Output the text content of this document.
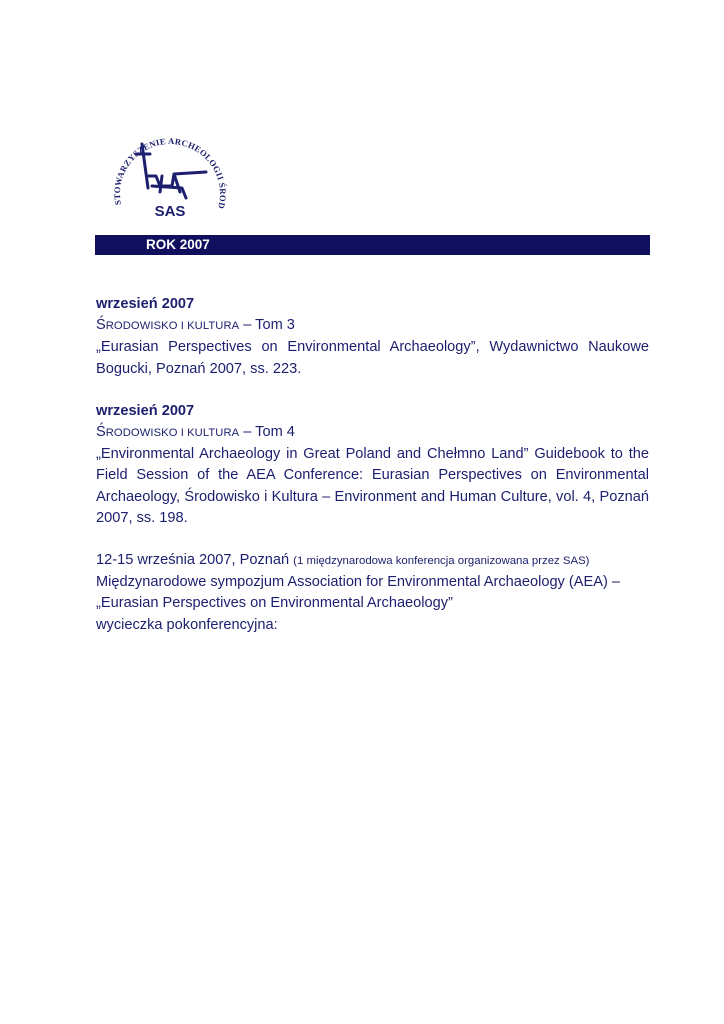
STOWARZYSZENIE ARCHEOLOGII ŚROD
SAS
ROK 2007
wrzesień 2007
ŚRODOWISKO I KULTURA – Tom 3
„Eurasian Perspectives on Environmental Archaeology”, Wydawnictwo Naukowe Bogucki, Poznań 2007, ss. 223.
wrzesień 2007
ŚRODOWISKO I KULTURA – Tom 4
„Environmental Archaeology in Great Poland and Chełmno Land” Guidebook to the Field Session of the AEA Conference: Eurasian Perspectives on Environmental Archaeology, Środowisko i Kultura – Environment and Human Culture, vol. 4, Poznań 2007, ss. 198.
12-15 września 2007, Poznań (1 międzynarodowa konferencja organizowana przez SAS)
Międzynarodowe sympozjum Association for Environmental Archaeology (AEA) –
„Eurasian Perspectives on Environmental Archaeology”
wycieczka pokonferencyjna:
